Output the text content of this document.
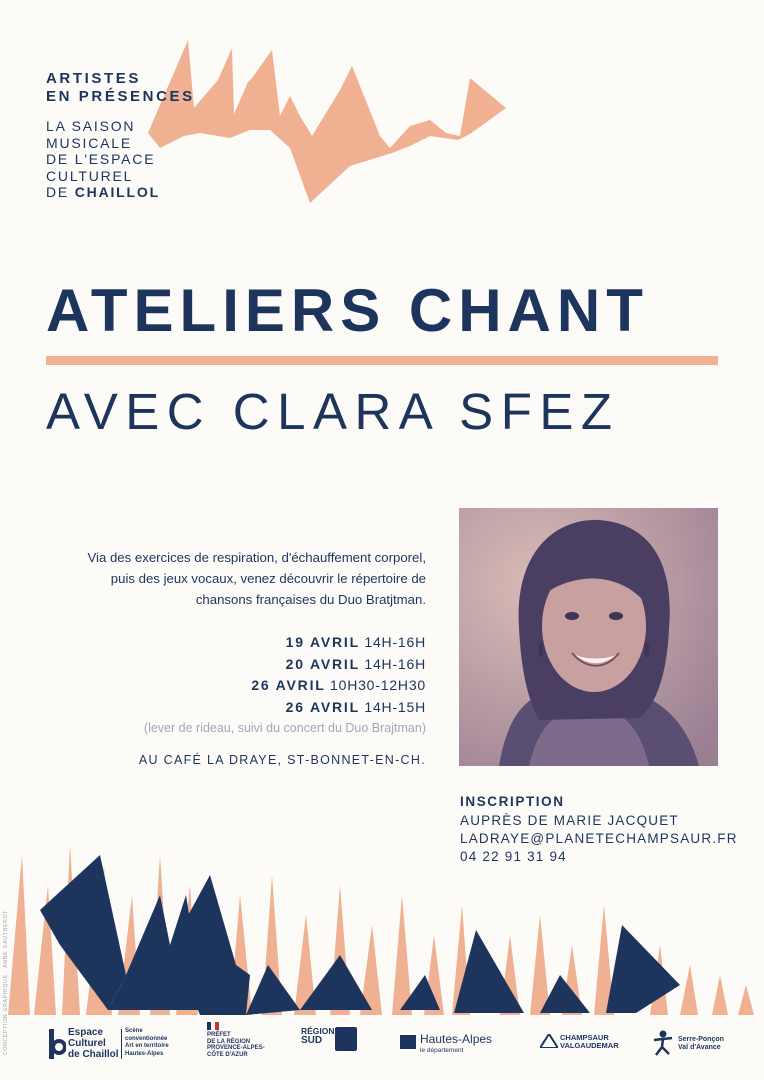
ARTISTES
EN PRÉSENCES
LA SAISON
MUSICALE
DE L'ESPACE
CULTUREL
DE CHAILLOL
ATELIERS CHANT
AVEC CLARA SFEZ
Via des exercices de respiration, d'échauffement corporel,
puis des jeux vocaux, venez découvrir le répertoire de
chansons françaises du Duo Bratjtman.
19 AVRIL 14H-16H
20 AVRIL 14H-16H
26 AVRIL 10H30-12H30
26 AVRIL 14H-15H
(lever de rideau, suivi du concert du Duo Brajtman)
AU CAFÉ LA DRAYE, ST-BONNET-EN-CH.
INSCRIPTION
AUPRÈS DE MARIE JACQUET
LADRAYE@PLANETECHAMPSAUR.FR
04 22 91 31 94
CONCEPTION GRAPHIQUE · ANNE GAUTHEROT	Espace
Culturel
de Chaillol
Scène
conventionnée
Art en territoire
Hautes-Alpes
PRÉFET
DE LA RÉGION
PROVENCE-ALPES-
CÔTE D'AZUR
RÉGION
SUD	Hautes-Alpes
le département
CHAMPSAUR
VALGAUDEMAR
Serre-Ponçon
Val d'Avance
